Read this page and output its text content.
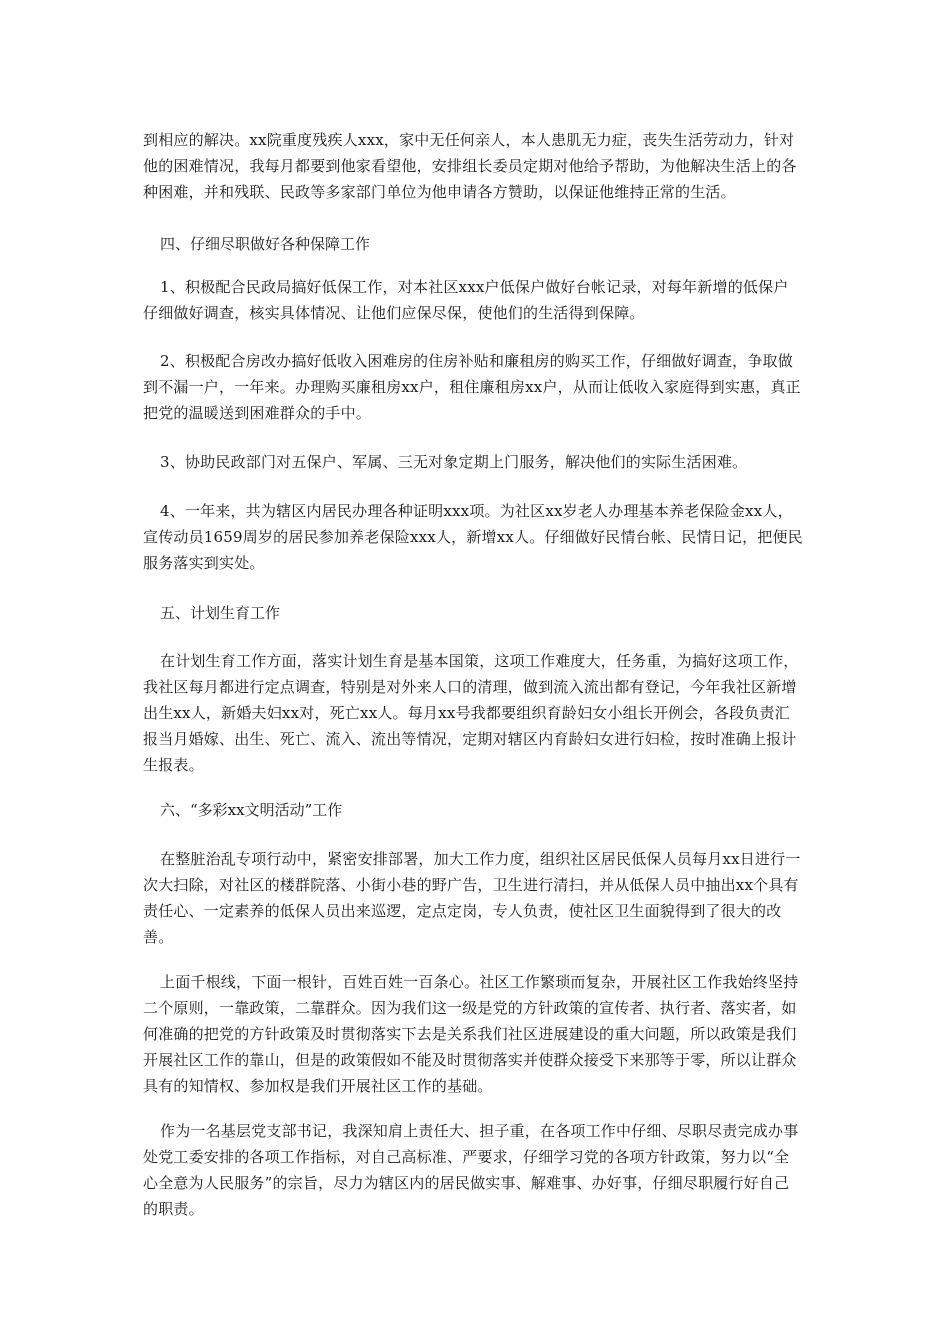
到相应的解决。xx院重度残疾人xxx，家中无任何亲人，本人患肌无力症，丧失生活劳动力，针对他的困难情况，我每月都要到他家看望他，安排组长委员定期对他给予帮助，为他解决生活上的各种困难，并和残联、民政等多家部门单位为他申请各方赞助，以保证他维持正常的生活。

四、仔细尽职做好各种保障工作

1、积极配合民政局搞好低保工作，对本社区xxx户低保户做好台帐记录，对每年新增的低保户仔细做好调查，核实具体情况、让他们应保尽保，使他们的生活得到保障。

2、积极配合房改办搞好低收入困难房的住房补贴和廉租房的购买工作，仔细做好调查，争取做到不漏一户，一年来。办理购买廉租房xx户，租住廉租房xx户，从而让低收入家庭得到实惠，真正把党的温暖送到困难群众的手中。

3、协助民政部门对五保户、军属、三无对象定期上门服务，解决他们的实际生活困难。

4、一年来，共为辖区内居民办理各种证明xxx项。为社区xx岁老人办理基本养老保险金xx人，宣传动员1659周岁的居民参加养老保险xxx人，新增xx人。仔细做好民情台帐、民情日记，把便民服务落实到实处。

五、计划生育工作

在计划生育工作方面，落实计划生育是基本国策，这项工作难度大，任务重，为搞好这项工作，我社区每月都进行定点调查，特别是对外来人口的清理，做到流入流出都有登记，今年我社区新增出生xx人，新婚夫妇xx对，死亡xx人。每月xx号我都要组织育龄妇女小组长开例会，各段负责汇报当月婚嫁、出生、死亡、流入、流出等情况，定期对辖区内育龄妇女进行妇检，按时准确上报计生报表。

六、“多彩xx文明活动”工作

在整脏治乱专项行动中，紧密安排部署，加大工作力度，组织社区居民低保人员每月xx日进行一次大扫除，对社区的楼群院落、小街小巷的野广告，卫生进行清扫，并从低保人员中抽出xx个具有责任心、一定素养的低保人员出来巡逻，定点定岗，专人负责，使社区卫生面貌得到了很大的改善。

上面千根线，下面一根针，百姓百姓一百条心。社区工作繁琐而复杂，开展社区工作我始终坚持二个原则，一靠政策，二靠群众。因为我们这一级是党的方针政策的宣传者、执行者、落实者，如何准确的把党的方针政策及时贯彻落实下去是关系我们社区进展建设的重大问题，所以政策是我们开展社区工作的靠山，但是的政策假如不能及时贯彻落实并使群众接受下来那等于零，所以让群众具有的知情权、参加权是我们开展社区工作的基础。

作为一名基层党支部书记，我深知肩上责任大、担子重，在各项工作中仔细、尽职尽责完成办事处党工委安排的各项工作指标，对自己高标准、严要求，仔细学习党的各项方针政策，努力以“全心全意为人民服务”的宗旨，尽力为辖区内的居民做实事、解难事、办好事，仔细尽职履行好自己的职责。
